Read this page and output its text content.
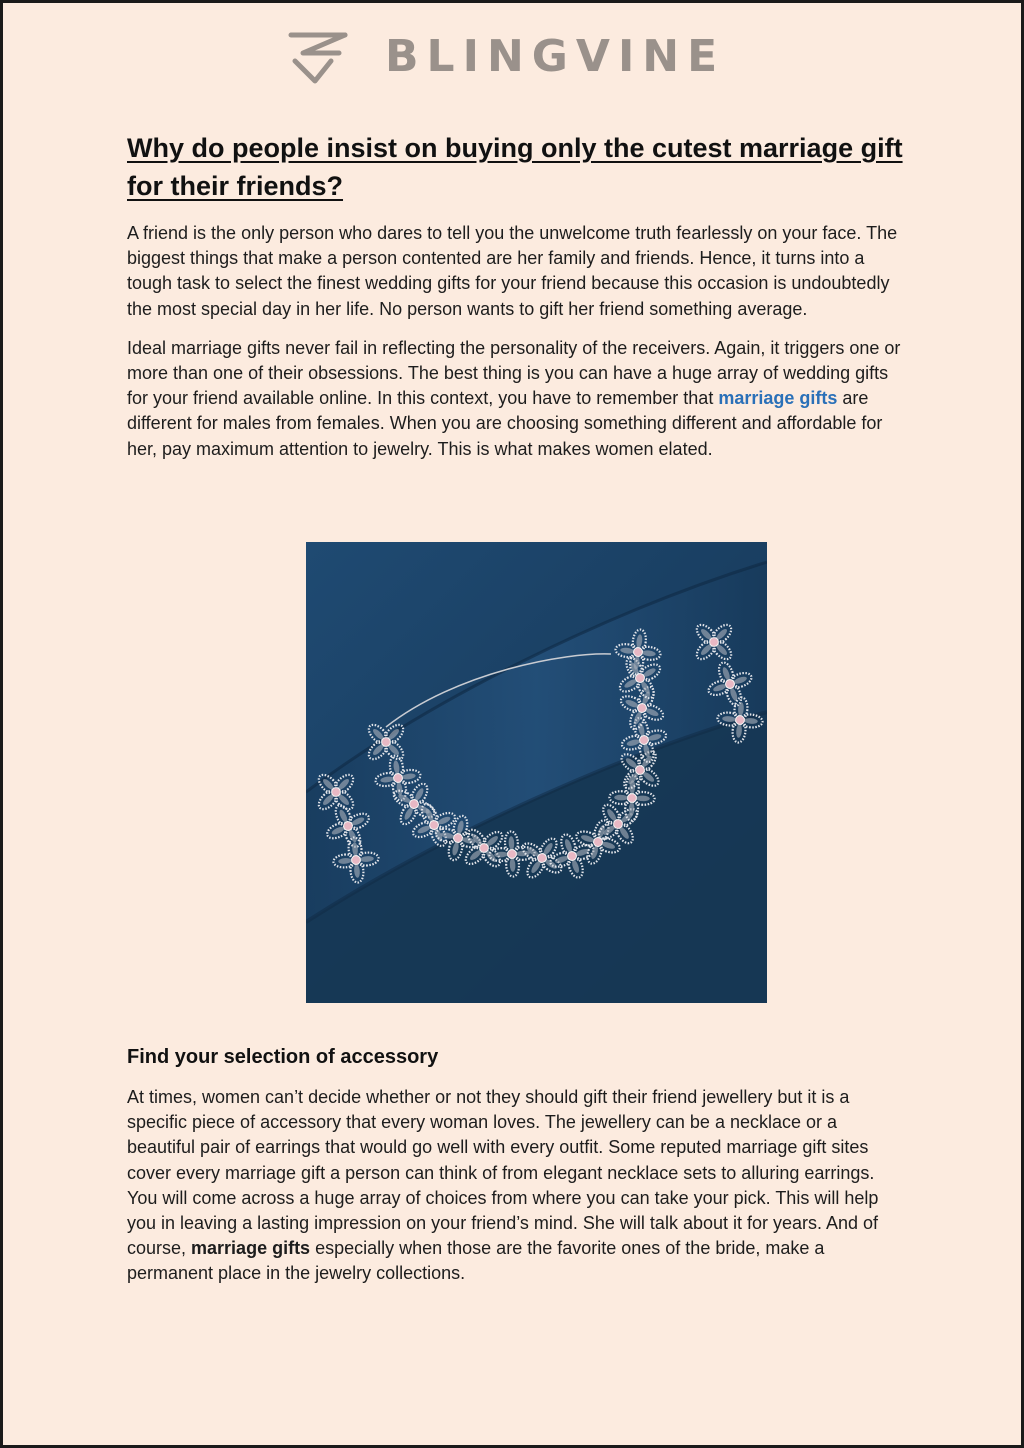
BLINGVINE
Why do people insist on buying only the cutest marriage gift for their friends?

A friend is the only person who dares to tell you the unwelcome truth fearlessly on your face. The biggest things that make a person contented are her family and friends. Hence, it turns into a tough task to select the finest wedding gifts for your friend because this occasion is undoubtedly the most special day in her life. No person wants to gift her friend something average.

Ideal marriage gifts never fail in reflecting the personality of the receivers. Again, it triggers one or more than one of their obsessions. The best thing is you can have a huge array of wedding gifts for your friend available online. In this context, you have to remember that marriage gifts are different for males from females. When you are choosing something different and affordable for her, pay maximum attention to jewelry. This is what makes women elated.

Find your selection of accessory

At times, women can’t decide whether or not they should gift their friend jewellery but it is a specific piece of accessory that every woman loves. The jewellery can be a necklace or a beautiful pair of earrings that would go well with every outfit. Some reputed marriage gift sites cover every marriage gift a person can think of from elegant necklace sets to alluring earrings. You will come across a huge array of choices from where you can take your pick. This will help you in leaving a lasting impression on your friend’s mind. She will talk about it for years. And of course, marriage gifts especially when those are the favorite ones of the bride, make a permanent place in the jewelry collections.
